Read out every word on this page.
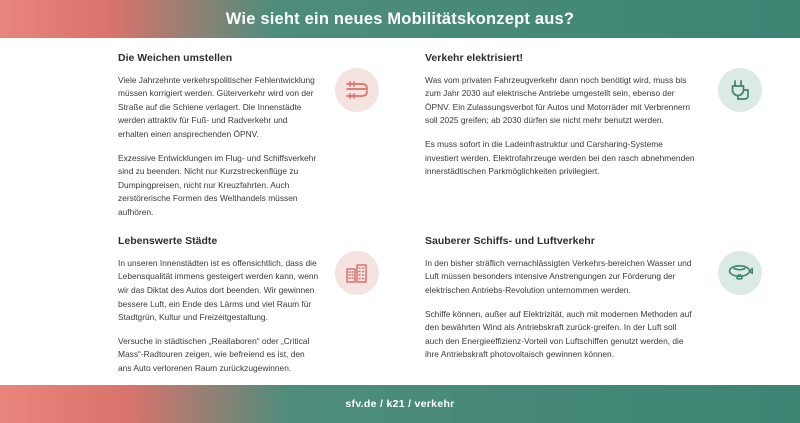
Wie sieht ein neues Mobilitätskonzept aus?
Die Weichen umstellen

Viele Jahrzehnte verkehrspolitischer Fehlentwicklung müssen korrigiert werden. Güterverkehr wird von der Straße auf die Schiene verlagert. Die Innenstädte werden attraktiv für Fuß- und Radverkehr und erhalten einen ansprechenden ÖPNV.

Exzessive Entwicklungen im Flug- und Schiffsverkehr sind zu beenden. Nicht nur Kurzstreckenflüge zu Dumpingpreisen, nicht nur Kreuzfahrten. Auch zerstörerische Formen des Welthandels müssen aufhören.

Verkehr elektrisiert!

Was vom privaten Fahrzeugverkehr dann noch benötigt wird, muss bis zum Jahr 2030 auf elektrische Antriebe umgestellt sein, ebenso der ÖPNV. Ein Zulassungsverbot für Autos und Motorräder mit Verbrennern soll 2025 greifen; ab 2030 dürfen sie nicht mehr benutzt werden.

Es muss sofort in die Ladeinfrastruktur und Carsharing-Systeme investiert werden. Elektrofahrzeuge werden bei den rasch abnehmenden innerstädtischen Parkmöglichkeiten privilegiert.

Lebenswerte Städte

In unseren Innenstädten ist es offensichtlich, dass die Lebensqualität immens gesteigert werden kann, wenn wir das Diktat des Autos dort beenden. Wir gewinnen bessere Luft, ein Ende des Lärms und viel Raum für Stadtgrün, Kultur und Freizeitgestaltung.

Versuche in städtischen „Reallaboren“ oder „Critical Mass“-Radtouren zeigen, wie befreiend es ist, den ans Auto verlorenen Raum zurückzugewinnen.

Sauberer Schiffs- und Luftverkehr

In den bisher sträflich vernachlässigten Verkehrs-bereichen Wasser und Luft müssen besonders intensive Anstrengungen zur Förderung der elektrischen Antriebs-Revolution unternommen werden.

Schiffe können, außer auf Elektrizität, auch mit modernen Methoden auf den bewährten Wind als Antriebskraft zurück-greifen. In der Luft soll auch den Energieeffizienz-Vorteil von Luftschiffen genutzt werden, die ihre Antriebskraft photovoltaisch gewinnen können.

sfv.de / k21 / verkehr
